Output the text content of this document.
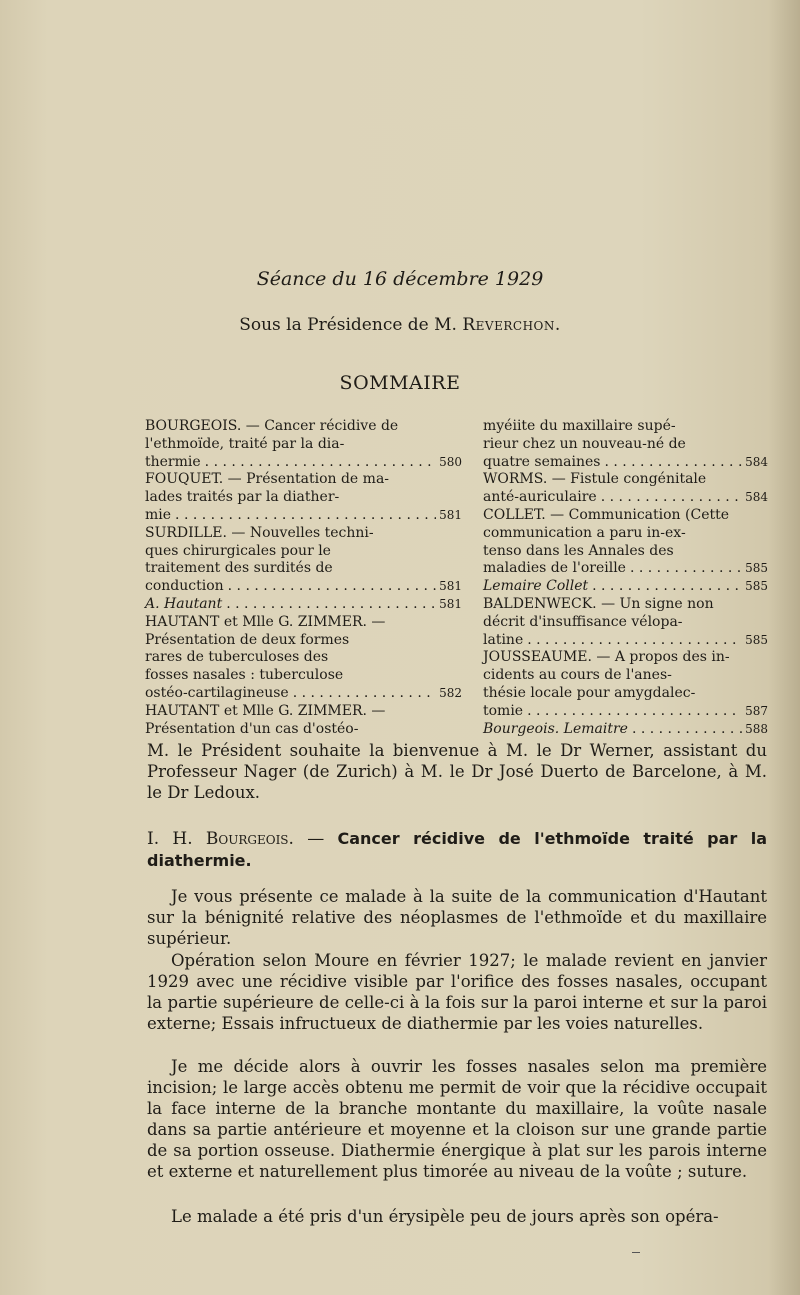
Séance du 16 décembre 1929
Sous la Présidence de M. Reverchon.
SOMMAIRE
BOURGEOIS. — Cancer récidive de
l'ethmoïde, traité par la dia-
thermie . . .	580
FOUQUET. — Présentation de ma-
lades traités par la diather-
mie . . .	581
SURDILLE. — Nouvelles techni-
ques chirurgicales pour le
traitement des surdités de
conduction . . .	581
A. Hautant . . .	581
HAUTANT et Mlle G. ZIMMER. —
Présentation de deux formes
rares de tuberculoses des
fosses nasales : tuberculose
ostéo-cartilagineuse . . .	582
HAUTANT et Mlle G. ZIMMER. —
Présentation d'un cas d'ostéo-
myéiite du maxillaire supé-
rieur chez un nouveau-né de
quatre semaines . . .	584
WORMS. — Fistule congénitale
anté-auriculaire . . .	584
COLLET. — Communication (Cette
communication a paru in-ex-
tenso dans les Annales des
maladies de l'oreille . . .	585
Lemaire Collet . . .	585
BALDENWECK. — Un signe non
décrit d'insuffisance vélopa-
latine . . .	585
JOUSSEAUME. — A propos des in-
cidents au cours de l'anes-
thésie locale pour amygdalec-
tomie . . .	587
Bourgeois. Lemaitre . . .	588
M. le Président souhaite la bienvenue à M. le Dr Werner, assistant du Professeur Nager (de Zurich) à M. le Dr José Duerto de Barcelone, à M. le Dr Ledoux.
I. H. Bourgeois. — Cancer récidive de l'ethmoïde traité par la diathermie.
Je vous présente ce malade à la suite de la communication d'Hautant sur la bénignité relative des néoplasmes de l'ethmoïde et du maxillaire supérieur.
Opération selon Moure en février 1927; le malade revient en janvier 1929 avec une récidive visible par l'orifice des fosses nasales, occupant la partie supérieure de celle-ci à la fois sur la paroi interne et sur la paroi externe; Essais infructueux de diathermie par les voies naturelles.
Je me décide alors à ouvrir les fosses nasales selon ma première incision; le large accès obtenu me permit de voir que la récidive occupait la face interne de la branche montante du maxillaire, la voûte nasale dans sa partie antérieure et moyenne et la cloison sur une grande partie de sa portion osseuse. Diathermie énergique à plat sur les parois interne et externe et naturellement plus timorée au niveau de la voûte ; suture.
Le malade a été pris d'un érysipèle peu de jours après son opéra-
